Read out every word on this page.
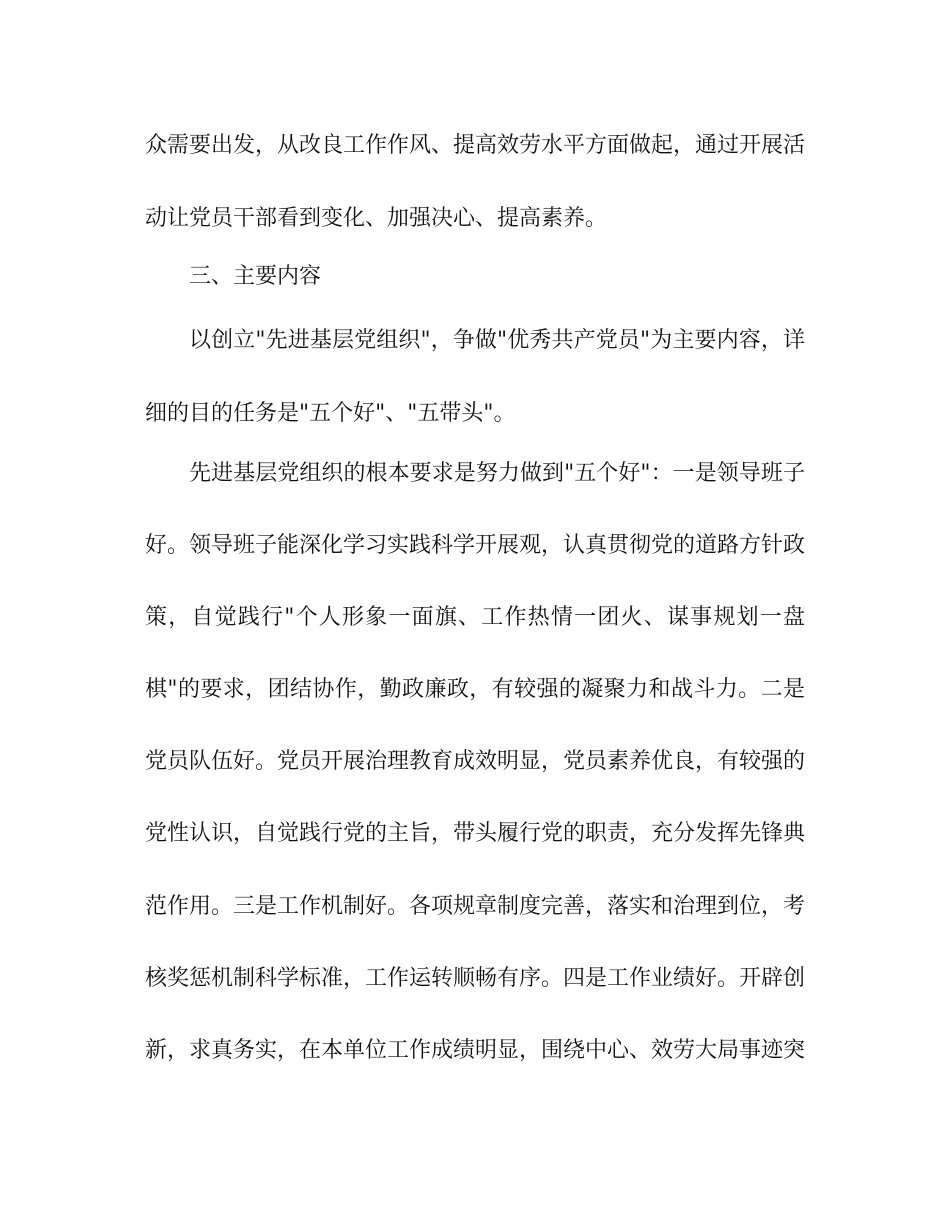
众需要出发，从改良工作作风、提高效劳水平方面做起，通过开展活
动让党员干部看到变化、加强决心、提高素养。
三、主要内容
以创立"先进基层党组织"，争做"优秀共产党员"为主要内容，详
细的目的任务是"五个好"、"五带头"。
先进基层党组织的根本要求是努力做到"五个好"：一是领导班子
好。领导班子能深化学习实践科学开展观，认真贯彻党的道路方针政
策，自觉践行"个人形象一面旗、工作热情一团火、谋事规划一盘
棋"的要求，团结协作，勤政廉政，有较强的凝聚力和战斗力。二是
党员队伍好。党员开展治理教育成效明显，党员素养优良，有较强的
党性认识，自觉践行党的主旨，带头履行党的职责，充分发挥先锋典
范作用。三是工作机制好。各项规章制度完善，落实和治理到位，考
核奖惩机制科学标准，工作运转顺畅有序。四是工作业绩好。开辟创
新，求真务实，在本单位工作成绩明显，围绕中心、效劳大局事迹突
